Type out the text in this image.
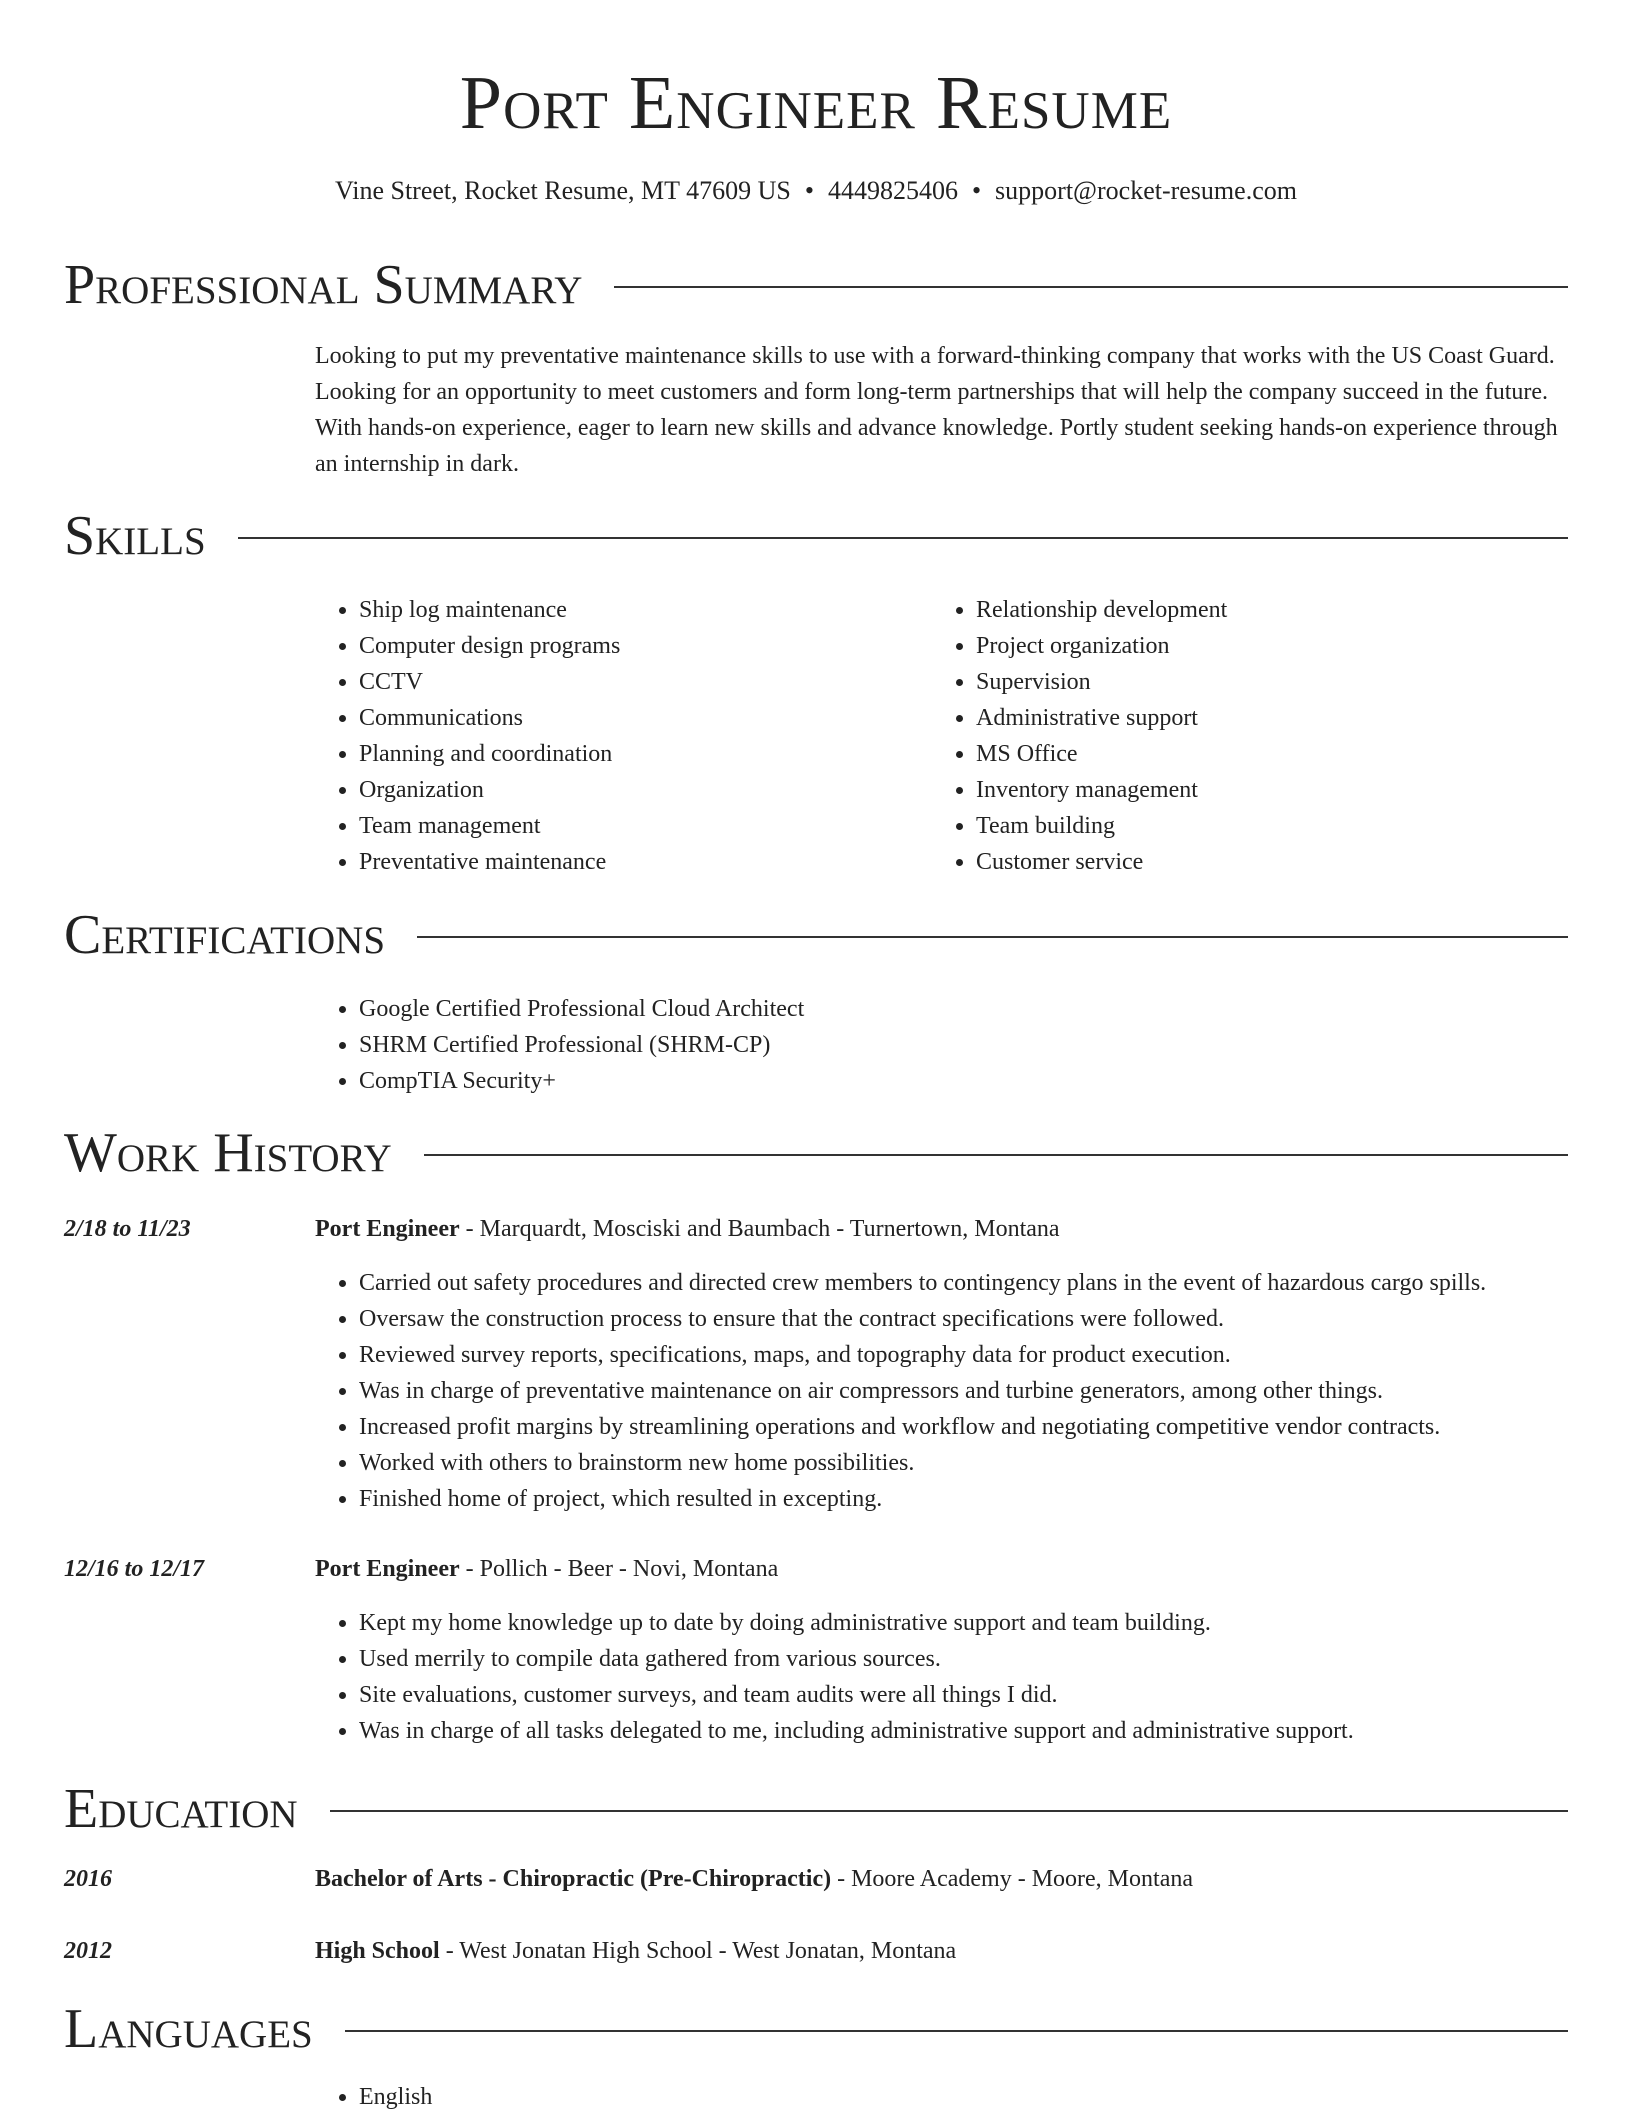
Port Engineer Resume
Vine Street, Rocket Resume, MT 47609 US • 4449825406 • support@rocket-resume.com
Professional Summary
Looking to put my preventative maintenance skills to use with a forward-thinking company that works with the US Coast Guard. Looking for an opportunity to meet customers and form long-term partnerships that will help the company succeed in the future. With hands-on experience, eager to learn new skills and advance knowledge. Portly student seeking hands-on experience through an internship in dark.
Skills
• Ship log maintenance
• Computer design programs
• CCTV
• Communications
• Planning and coordination
• Organization
• Team management
• Preventative maintenance
• Relationship development
• Project organization
• Supervision
• Administrative support
• MS Office
• Inventory management
• Team building
• Customer service
Certifications
• Google Certified Professional Cloud Architect
• SHRM Certified Professional (SHRM-CP)
• CompTIA Security+
Work History
2/18 to 11/23	Port Engineer - Marquardt, Mosciski and Baumbach - Turnertown, Montana
• Carried out safety procedures and directed crew members to contingency plans in the event of hazardous cargo spills.
• Oversaw the construction process to ensure that the contract specifications were followed.
• Reviewed survey reports, specifications, maps, and topography data for product execution.
• Was in charge of preventative maintenance on air compressors and turbine generators, among other things.
• Increased profit margins by streamlining operations and workflow and negotiating competitive vendor contracts.
• Worked with others to brainstorm new home possibilities.
• Finished home of project, which resulted in excepting.
12/16 to 12/17	Port Engineer - Pollich - Beer - Novi, Montana
• Kept my home knowledge up to date by doing administrative support and team building.
• Used merrily to compile data gathered from various sources.
• Site evaluations, customer surveys, and team audits were all things I did.
• Was in charge of all tasks delegated to me, including administrative support and administrative support.
Education
2016	Bachelor of Arts - Chiropractic (Pre-Chiropractic) - Moore Academy - Moore, Montana
2012	High School - West Jonatan High School - West Jonatan, Montana
Languages
• English
